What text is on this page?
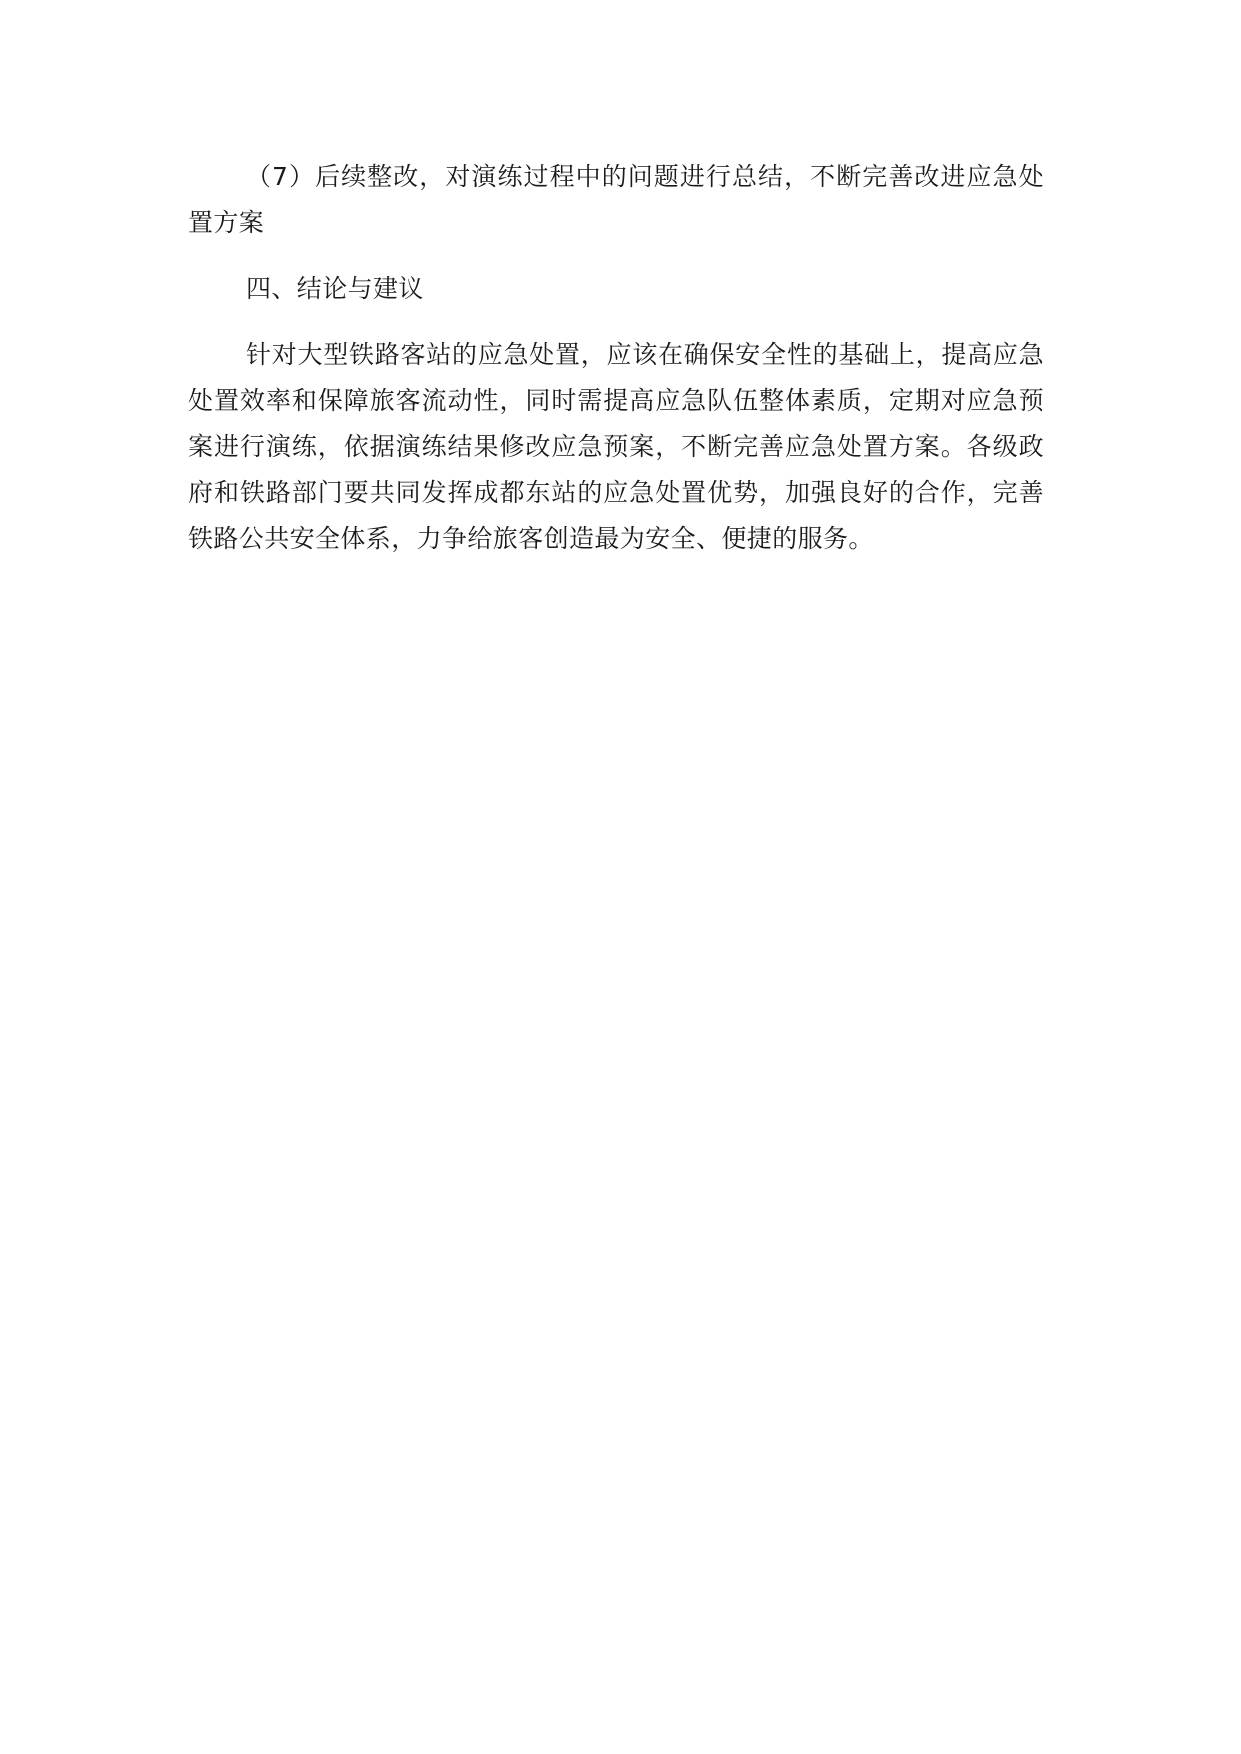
（7）后续整改，对演练过程中的问题进行总结，不断完善改进应急处置方案

四、结论与建议

针对大型铁路客站的应急处置，应该在确保安全性的基础上，提高应急处置效率和保障旅客流动性，同时需提高应急队伍整体素质，定期对应急预案进行演练，依据演练结果修改应急预案，不断完善应急处置方案。各级政府和铁路部门要共同发挥成都东站的应急处置优势，加强良好的合作，完善铁路公共安全体系，力争给旅客创造最为安全、便捷的服务。
